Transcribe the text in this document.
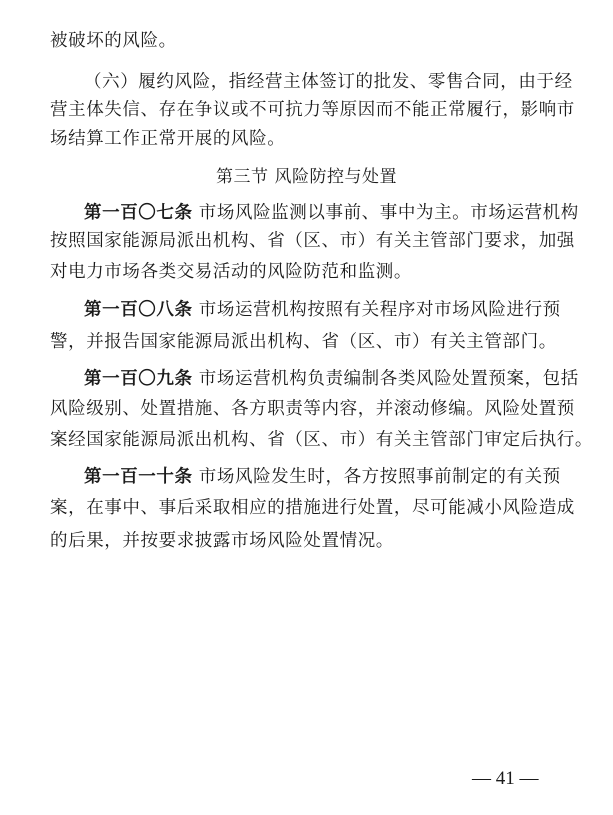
被破坏的风险。
（六）履约风险，指经营主体签订的批发、零售合同，由于经
营主体失信、存在争议或不可抗力等原因而不能正常履行，影响市
场结算工作正常开展的风险。
第三节 风险防控与处置
第一百〇七条 市场风险监测以事前、事中为主。市场运营机构
按照国家能源局派出机构、省（区、市）有关主管部门要求，加强
对电力市场各类交易活动的风险防范和监测。
第一百〇八条 市场运营机构按照有关程序对市场风险进行预
警，并报告国家能源局派出机构、省（区、市）有关主管部门。
第一百〇九条 市场运营机构负责编制各类风险处置预案，包括
风险级别、处置措施、各方职责等内容，并滚动修编。风险处置预
案经国家能源局派出机构、省（区、市）有关主管部门审定后执行。
第一百一十条 市场风险发生时，各方按照事前制定的有关预
案，在事中、事后采取相应的措施进行处置，尽可能减小风险造成
的后果，并按要求披露市场风险处置情况。
— 41 —
